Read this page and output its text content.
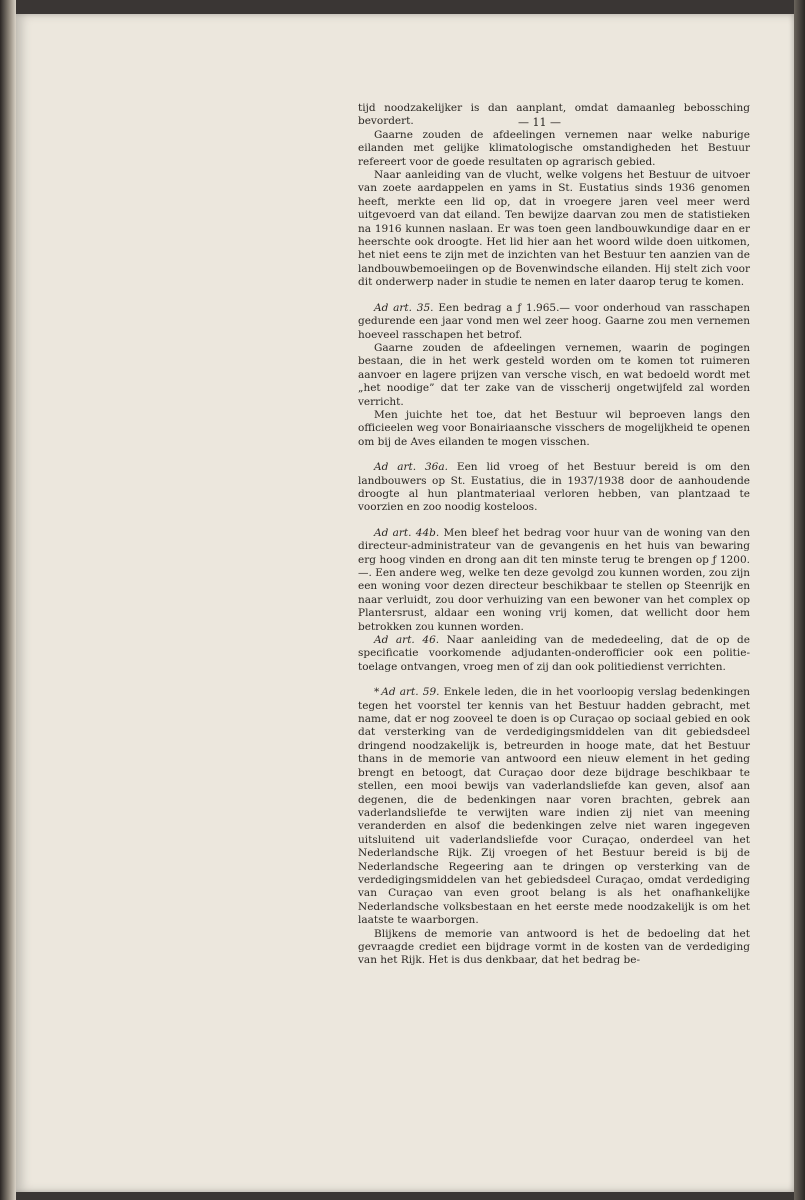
— 11 —

tijd noodzakelijker is dan aanplant, omdat damaanleg bebossching bevordert.

Gaarne zouden de afdeelingen vernemen naar welke naburige eilanden met gelijke klimatologische omstandigheden het Bestuur refereert voor de goede resultaten op agrarisch gebied.

Naar aanleiding van de vlucht, welke volgens het Bestuur de uitvoer van zoete aardappelen en yams in St. Eustatius sinds 1936 genomen heeft, merkte een lid op, dat in vroegere jaren veel meer werd uitgevoerd van dat eiland. Ten bewijze daarvan zou men de statistieken na 1916 kunnen naslaan. Er was toen geen landbouwkundige daar en er heerschte ook droogte. Het lid hier aan het woord wilde doen uitkomen, het niet eens te zijn met de inzichten van het Bestuur ten aanzien van de landbouwbemoeiingen op de Bovenwindsche eilanden. Hij stelt zich voor dit onderwerp nader in studie te nemen en later daarop terug te komen.

Ad art. 35. Een bedrag a ƒ 1.965.— voor onderhoud van rasschapen gedurende een jaar vond men wel zeer hoog. Gaarne zou men vernemen hoeveel rasschapen het betrof.

Gaarne zouden de afdeelingen vernemen, waarin de pogingen bestaan, die in het werk gesteld worden om te komen tot ruimeren aanvoer en lagere prijzen van versche visch, en wat bedoeld wordt met „het noodige” dat ter zake van de visscherij ongetwijfeld zal worden verricht.

Men juichte het toe, dat het Bestuur wil beproeven langs den officieelen weg voor Bonairiaansche visschers de mogelijkheid te openen om bij de Aves eilanden te mogen visschen.

Ad art. 36a. Een lid vroeg of het Bestuur bereid is om den landbouwers op St. Eustatius, die in 1937/1938 door de aanhoudende droogte al hun plantmateriaal verloren hebben, van plantzaad te voorzien en zoo noodig kosteloos.

Ad art. 44b. Men bleef het bedrag voor huur van de woning van den directeur-administrateur van de gevangenis en het huis van bewaring erg hoog vinden en drong aan dit ten minste terug te brengen op ƒ 1200.—. Een andere weg, welke ten deze gevolgd zou kunnen worden, zou zijn een woning voor dezen directeur beschikbaar te stellen op Steenrijk en naar verluidt, zou door verhuizing van een bewoner van het complex op Plantersrust, aldaar een woning vrij komen, dat wellicht door hem betrokken zou kunnen worden.

Ad art. 46. Naar aanleiding van de mededeeling, dat de op de specificatie voorkomende adjudanten-onderofficier ook een politie-toelage ontvangen, vroeg men of zij dan ook politiedienst verrichten.

* Ad art. 59. Enkele leden, die in het voorloopig verslag bedenkingen tegen het voorstel ter kennis van het Bestuur hadden gebracht, met name, dat er nog zooveel te doen is op Curaçao op sociaal gebied en ook dat versterking van de verdedigingsmiddelen van dit gebiedsdeel dringend noodzakelijk is, betreurden in hooge mate, dat het Bestuur thans in de memorie van antwoord een nieuw element in het geding brengt en betoogt, dat Curaçao door deze bijdrage beschikbaar te stellen, een mooi bewijs van vaderlandsliefde kan geven, alsof aan degenen, die de bedenkingen naar voren brachten, gebrek aan vaderlandsliefde te verwijten ware indien zij niet van meening veranderden en alsof die bedenkingen zelve niet waren ingegeven uitsluitend uit vaderlandsliefde voor Curaçao, onderdeel van het Nederlandsche Rijk. Zij vroegen of het Bestuur bereid is bij de Nederlandsche Regeering aan te dringen op versterking van de verdedigingsmiddelen van het gebiedsdeel Curaçao, omdat verdediging van Curaçao van even groot belang is als het onafhankelijke Nederlandsche volksbestaan en het eerste mede noodzakelijk is om het laatste te waarborgen.

Blijkens de memorie van antwoord is het de bedoeling dat het gevraagde crediet een bijdrage vormt in de kosten van de verdediging van het Rijk. Het is dus denkbaar, dat het bedrag be-
